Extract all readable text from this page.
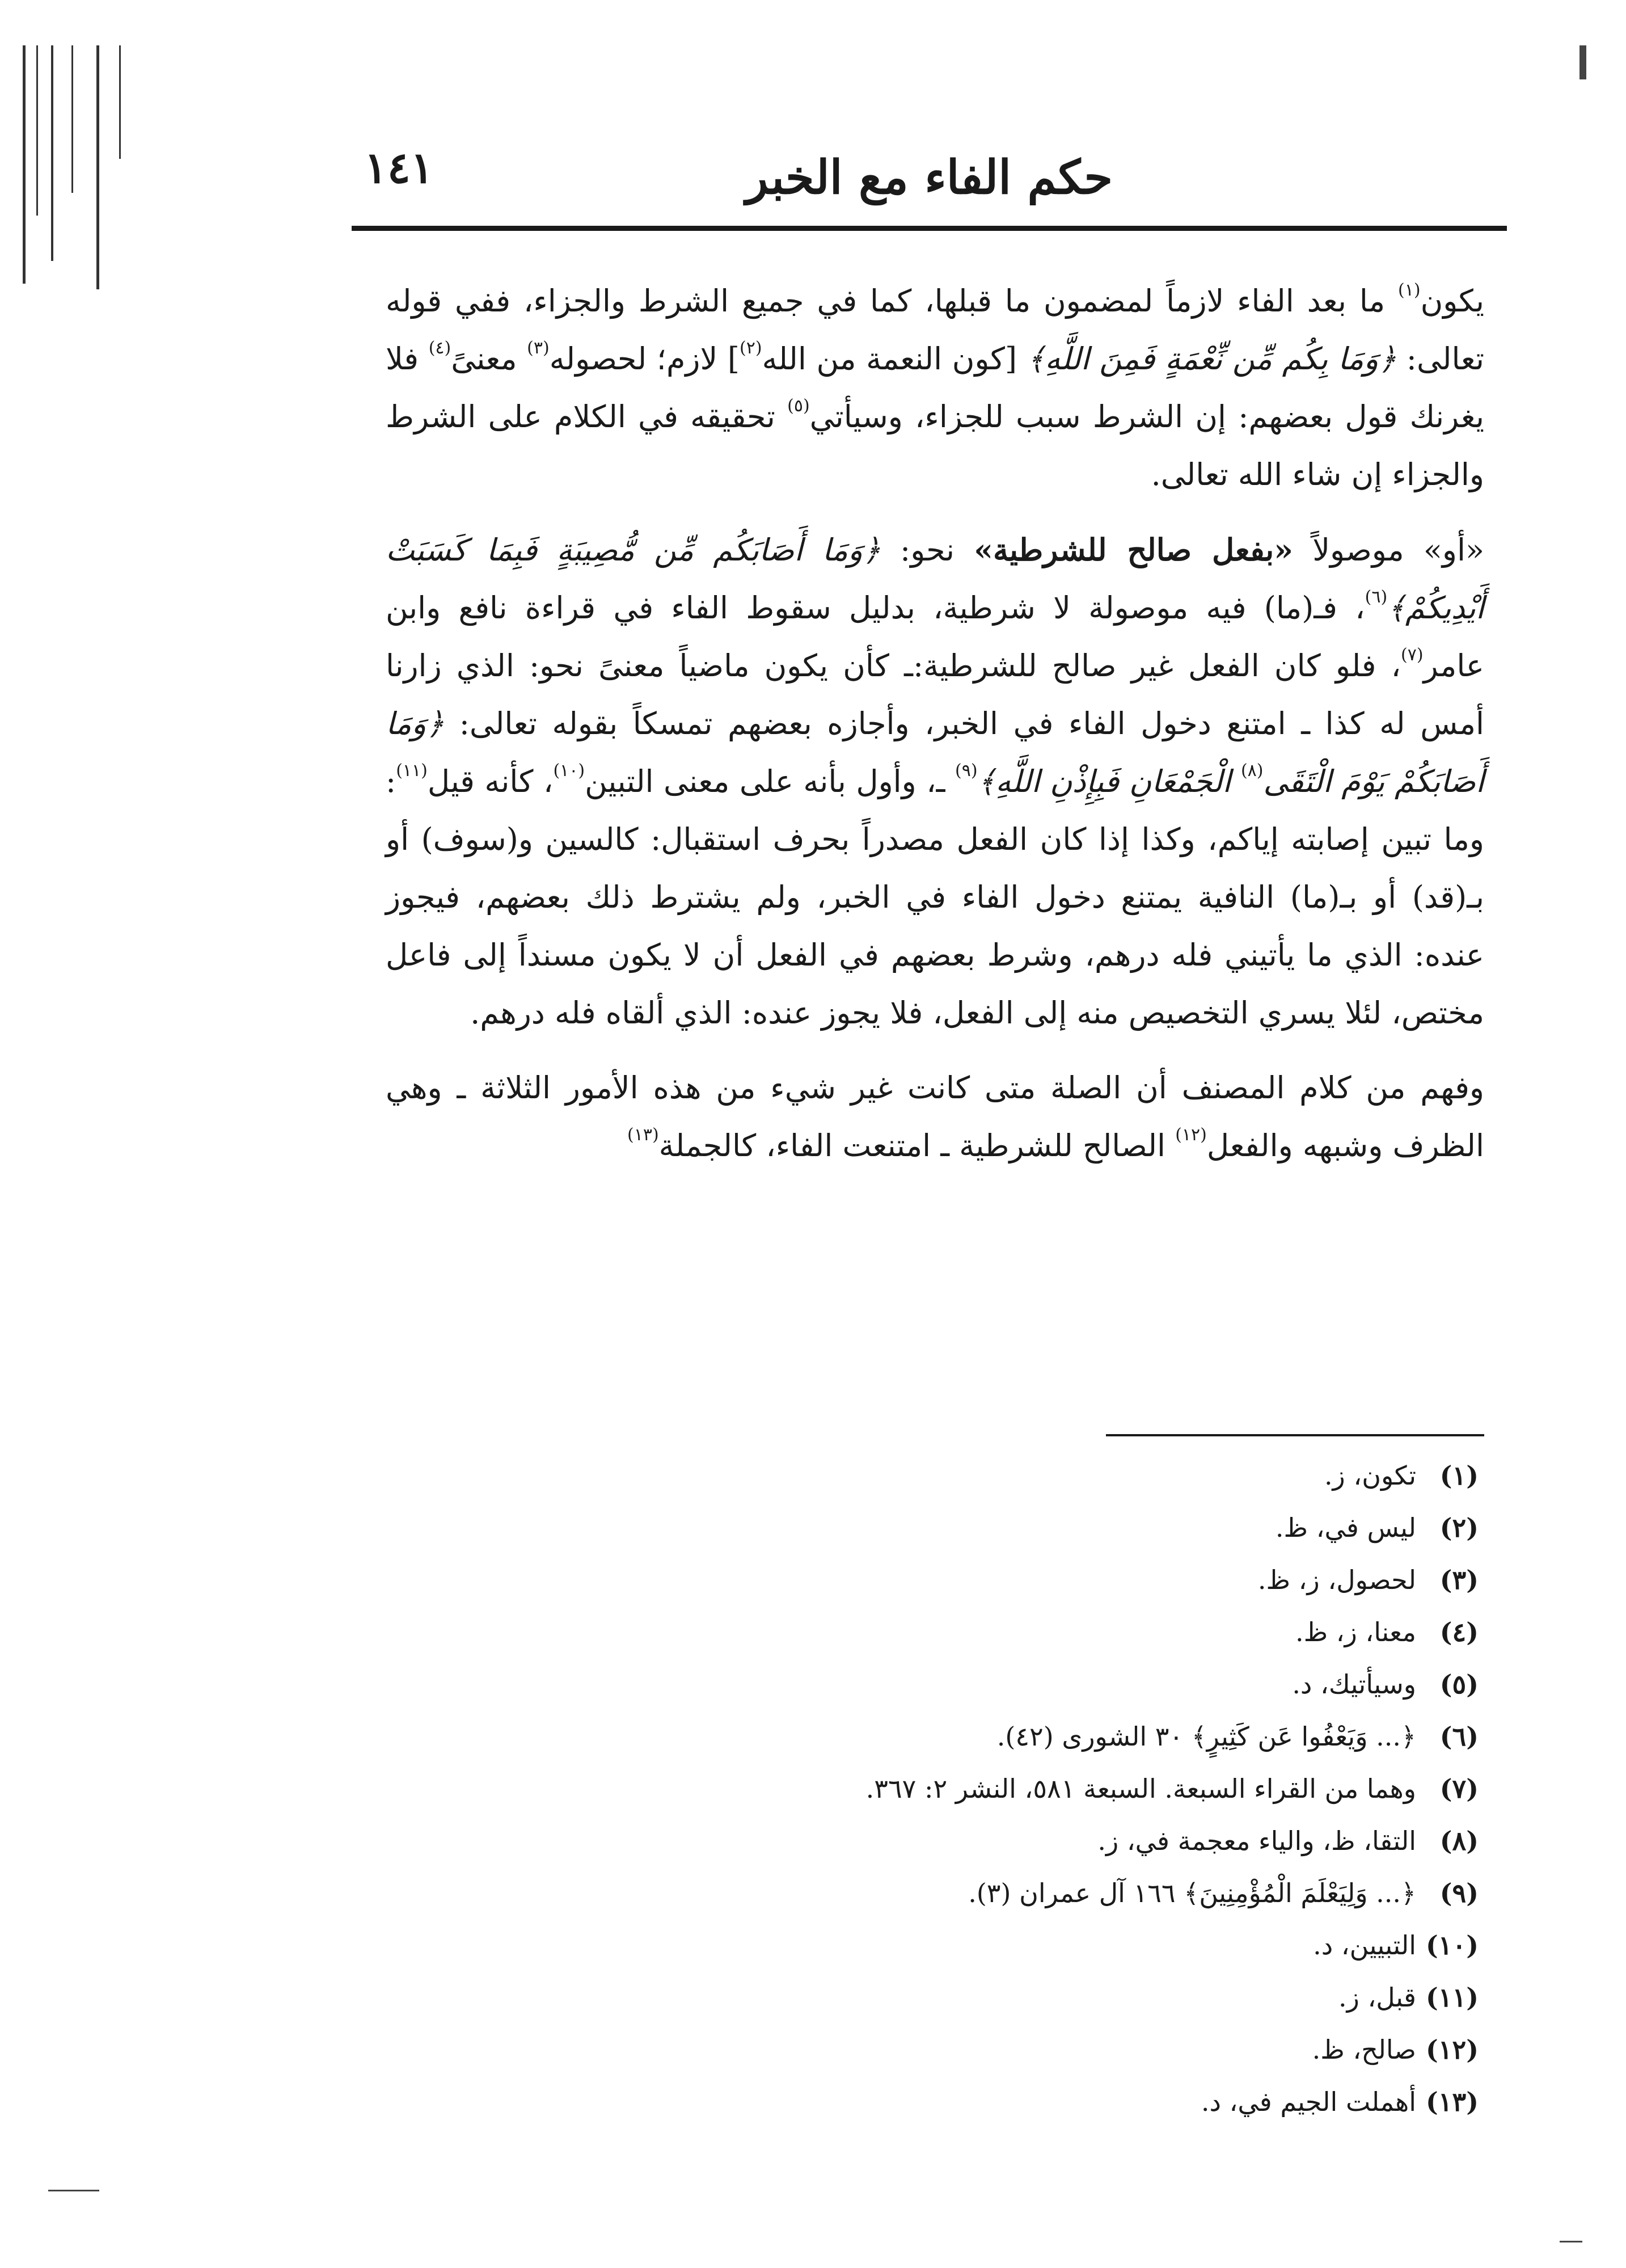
١٤١	حكم الفاء مع الخبر

يكون$^{(١)}$ ما بعد الفاء لازماً لمضمون ما قبلها، كما في جميع الشرط والجزاء، ففي قوله تعالى: ﴿وَمَا بِكُم مِّن نِّعْمَةٍ فَمِنَ اللَّهِ﴾ [كون النعمة من الله$^{(٢)}$] لازم؛ لحصوله$^{(٣)}$ معنىً$^{(٤)}$ فلا يغرنك قول بعضهم: إن الشرط سبب للجزاء، وسيأتي$^{(٥)}$ تحقيقه في الكلام على الشرط والجزاء إن شاء الله تعالى.

«أو» موصولاً «بفعل صالح للشرطية» نحو: ﴿وَمَا أَصَابَكُم مِّن مُّصِيبَةٍ فَبِمَا كَسَبَتْ أَيْدِيكُمْ﴾$^{(٦)}$، فـ(ما) فيه موصولة لا شرطية، بدليل سقوط الفاء في قراءة نافع وابن عامر$^{(٧)}$، فلو كان الفعل غير صالح للشرطية:ـ كأن يكون ماضياً معنىً نحو: الذي زارنا أمس له كذا ـ امتنع دخول الفاء في الخبر، وأجازه بعضهم تمسكاً بقوله تعالى: ﴿وَمَا أَصَابَكُمْ يَوْمَ الْتَقَى$^{(٨)}$ الْجَمْعَانِ فَبِإِذْنِ اللَّهِ﴾$^{(٩)}$ ـ، وأول بأنه على معنى التبين$^{(١٠)}$، كأنه قيل$^{(١١)}$: وما تبين إصابته إياكم، وكذا إذا كان الفعل مصدراً بحرف استقبال: كالسين و(سوف) أو بـ(قد) أو بـ(ما) النافية يمتنع دخول الفاء في الخبر، ولم يشترط ذلك بعضهم، فيجوز عنده: الذي ما يأتيني فله درهم، وشرط بعضهم في الفعل أن لا يكون مسنداً إلى فاعل مختص، لئلا يسري التخصيص منه إلى الفعل، فلا يجوز عنده: الذي ألقاه فله درهم.

وفهم من كلام المصنف أن الصلة متى كانت غير شيء من هذه الأمور الثلاثة ـ وهي الظرف وشبهه والفعل$^{(١٢)}$ الصالح للشرطية ـ امتنعت الفاء، كالجملة$^{(١٣)}$

(١)تكون، ز.
(٢)ليس في، ظ.
(٣)لحصول، ز، ظ.
(٤)معنا، ز، ظ.
(٥)وسيأتيك، د.
(٦)﴿... وَيَعْفُوا عَن كَثِيرٍ﴾ ٣٠ الشورى (٤٢).
(٧)وهما من القراء السبعة. السبعة ٥٨١، النشر ٢: ٣٦٧.
(٨)التقا، ظ، والياء معجمة في، ز.
(٩)﴿... وَلِيَعْلَمَ الْمُؤْمِنِينَ﴾ ١٦٦ آل عمران (٣).
(١٠)التبيين، د.
(١١)قبل، ز.
(١٢)صالح، ظ.
(١٣)أهملت الجيم في، د.
